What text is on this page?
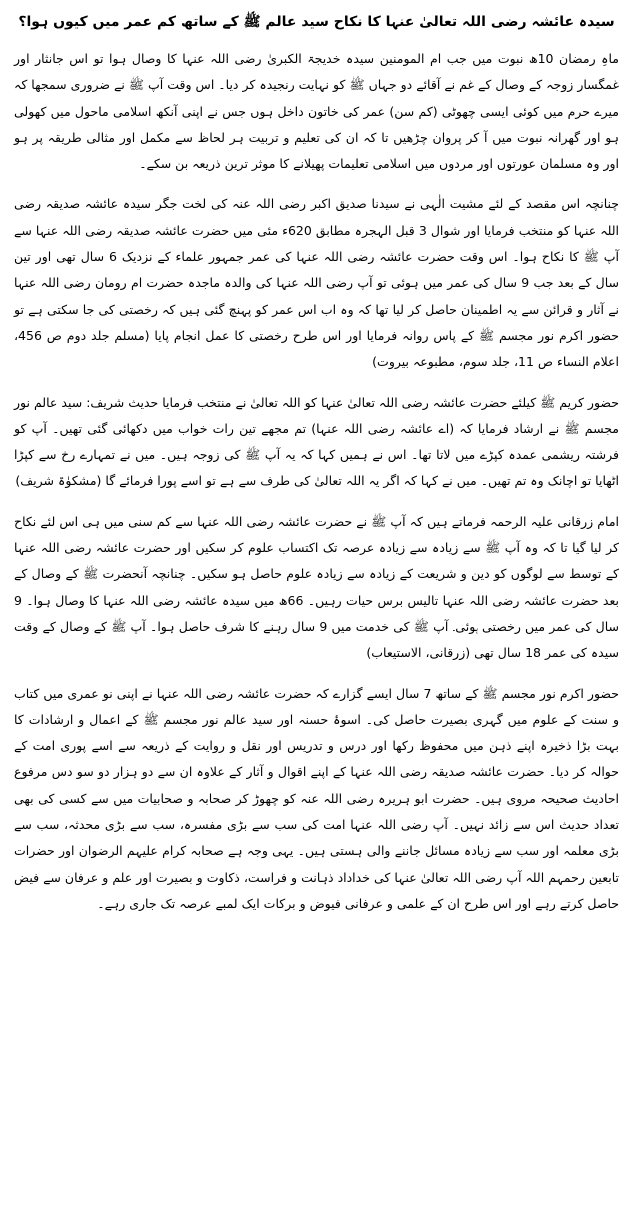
سیدہ عائشہ رضی اللہ تعالیٰ عنہا کا نکاح سید عالم ﷺ کے ساتھ کم عمر میں کیوں ہوا؟

ماہِ رمضان 10ھ نبوت میں جب ام المومنین سیدہ خدیجۃ الکبریٰ رضی اللہ عنہا کا وصال ہوا تو اس جانثار اور غمگسار زوجہ کے وصال کے غم نے آقائے دو جہاں ﷺ کو نہایت رنجیدہ کر دیا۔ اس وقت آپ ﷺ نے ضروری سمجھا کہ میرے حرم میں کوئی ایسی چھوٹی (کم سن) عمر کی خاتون داخل ہوں جس نے اپنی آنکھ اسلامی ماحول میں کھولی ہو اور گھرانہ نبوت میں آ کر پروان چڑھیں تا کہ ان کی تعلیم و تربیت ہر لحاظ سے مکمل اور مثالی طریقہ پر ہو اور وہ مسلمان عورتوں اور مردوں میں اسلامی تعلیمات پھیلانے کا موثر ترین ذریعہ بن سکے۔

چنانچہ اس مقصد کے لئے مشیت الٰہی نے سیدنا صدیق اکبر رضی اللہ عنہ کی لخت جگر سیدہ عائشہ صدیقہ رضی اللہ عنہا کو منتخب فرمایا اور شوال 3 قبل الہجرہ مطابق 620ء مئی میں حضرت عائشہ صدیقہ رضی اللہ عنہا سے آپ ﷺ کا نکاح ہوا۔ اس وقت حضرت عائشہ رضی اللہ عنہا کی عمر جمہور علماء کے نزدیک 6 سال تھی اور تین سال کے بعد جب 9 سال کی عمر میں ہوئی تو آپ رضی اللہ عنہا کی والدہ ماجدہ حضرت ام رومان رضی اللہ عنہا نے آثار و قرائن سے یہ اطمینان حاصل کر لیا تھا کہ وہ اب اس عمر کو پہنچ گئی ہیں کہ رخصتی کی جا سکتی ہے تو حضور اکرم نور مجسم ﷺ کے پاس روانہ فرمایا اور اس طرح رخصتی کا عمل انجام پایا (مسلم جلد دوم ص 456، اعلام النساء ص 11، جلد سوم، مطبوعہ بیروت)

حضور کریم ﷺ کیلئے حضرت عائشہ رضی اللہ تعالیٰ عنہا کو اللہ تعالیٰ نے منتخب فرمایا حدیث شریف: سید عالم نور مجسم ﷺ نے ارشاد فرمایا کہ (اے عائشہ رضی اللہ عنہا) تم مجھے تین رات خواب میں دکھائی گئی تھیں۔ آپ کو فرشتہ ریشمی عمدہ کپڑے میں لاتا تھا۔ اس نے ہمیں کہا کہ یہ آپ ﷺ کی زوجہ ہیں۔ میں نے تمہارے رخ سے کپڑا اٹھایا تو اچانک وہ تم تھیں۔ میں نے کہا کہ اگر یہ اللہ تعالیٰ کی طرف سے ہے تو اسے پورا فرمائے گا (مشکوٰۃ شریف)

امام زرقانی علیہ الرحمہ فرماتے ہیں کہ آپ ﷺ نے حضرت عائشہ رضی اللہ عنہا سے کم سنی میں ہی اس لئے نکاح کر لیا گیا تا کہ وہ آپ ﷺ سے زیادہ سے زیادہ عرصہ تک اکتساب علوم کر سکیں اور حضرت عائشہ رضی اللہ عنہا کے توسط سے لوگوں کو دین و شریعت کے زیادہ سے زیادہ علوم حاصل ہو سکیں۔ چنانچہ آنحضرت ﷺ کے وصال کے بعد حضرت عائشہ رضی اللہ عنہا تالیس برس حیات رہیں۔ 66ھ میں سیدہ عائشہ رضی اللہ عنہا کا وصال ہوا۔ 9 سال کی عمر میں رخصتی ہوئی۔ آپ ﷺ کی خدمت میں 9 سال رہنے کا شرف حاصل ہوا۔ آپ ﷺ کے وصال کے وقت سیدہ کی عمر 18 سال تھی (زرقانی، الاستیعاب)

حضور اکرم نور مجسم ﷺ کے ساتھ 7 سال ایسے گزارے کہ حضرت عائشہ رضی اللہ عنہا نے اپنی نو عمری میں کتاب و سنت کے علوم میں گہری بصیرت حاصل کی۔ اسوۂ حسنہ اور سید عالم نور مجسم ﷺ کے اعمال و ارشادات کا بہت بڑا ذخیرہ اپنے ذہن میں محفوظ رکھا اور درس و تدریس اور نقل و روایت کے ذریعہ سے اسے پوری امت کے حوالہ کر دیا۔ حضرت عائشہ صدیقہ رضی اللہ عنہا کے اپنے اقوال و آثار کے علاوہ ان سے دو ہزار دو سو دس مرفوع احادیث صحیحہ مروی ہیں۔ حضرت ابو ہریرہ رضی اللہ عنہ کو چھوڑ کر صحابہ و صحابیات میں سے کسی کی بھی تعداد حدیث اس سے زائد نہیں۔ آپ رضی اللہ عنہا امت کی سب سے بڑی مفسرہ، سب سے بڑی محدثہ، سب سے بڑی معلمہ اور سب سے زیادہ مسائل جاننے والی ہستی ہیں۔ یہی وجہ ہے صحابہ کرام علیہم الرضوان اور حضرات تابعین رحمہم اللہ آپ رضی اللہ تعالیٰ عنہا کی خداداد ذہانت و فراست، ذکاوت و بصیرت اور علم و عرفان سے فیض حاصل کرتے رہے اور اس طرح ان کے علمی و عرفانی فیوض و برکات ایک لمبے عرصہ تک جاری رہے۔
